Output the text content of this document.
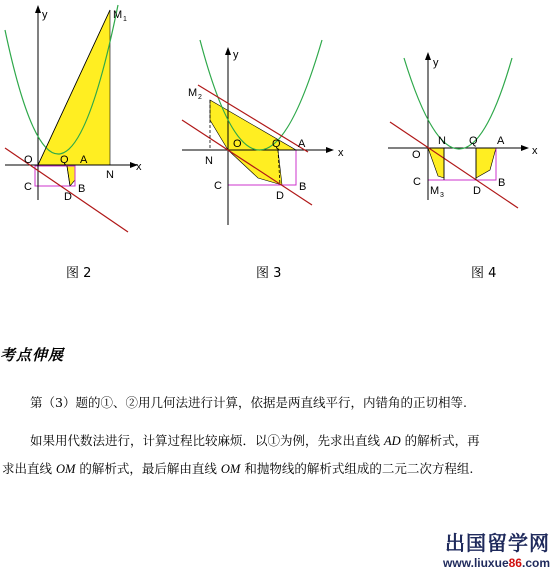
y
x
M 1
O Q A
N
C	B
D
y
x
M 2
O	Q A
N
C	B
D
y
x
O
N Q A
C
M 3	D
B
图 2	图 3	图 4
考点伸展
第（3）题的①、②用几何法进行计算，依据是两直线平行，内错角的正切相等.
如果用代数法进行，计算过程比较麻烦．以①为例，先求出直线 AD 的解析式，再
求出直线 OM 的解析式，最后解由直线 OM 和抛物线的解析式组成的二元二次方程组.
出国留学网
www.liuxue86.com
